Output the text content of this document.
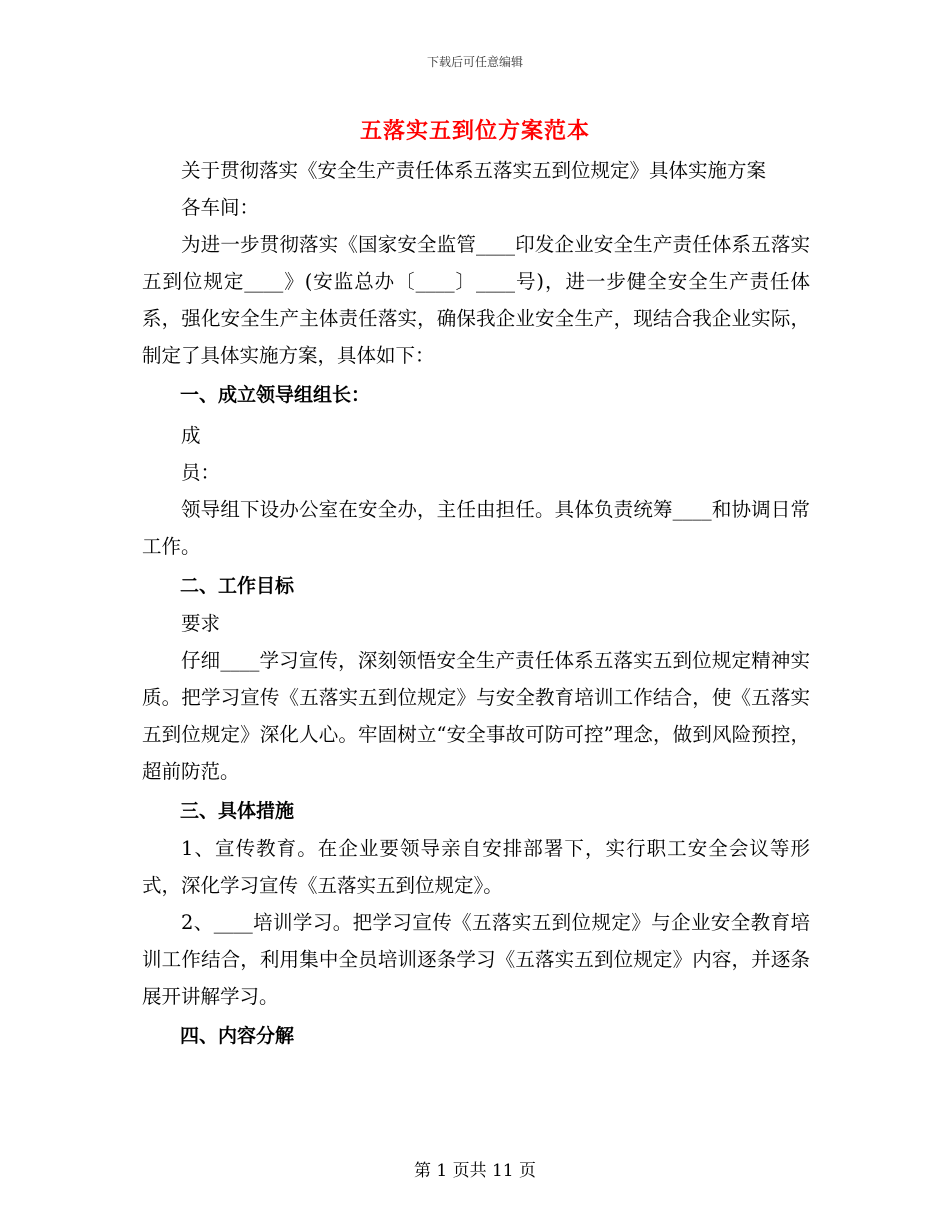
下载后可任意编辑
五落实五到位方案范本

关于贯彻落实《安全生产责任体系五落实五到位规定》具体实施方案

各车间：

为进一步贯彻落实《国家安全监管____印发企业安全生产责任体系五落实五到位规定____》(安监总办〔____〕____号)，进一步健全安全生产责任体系，强化安全生产主体责任落实，确保我企业安全生产，现结合我企业实际，制定了具体实施方案，具体如下：

一、成立领导组组长：

成

员：

领导组下设办公室在安全办，主任由担任。具体负责统筹____和协调日常工作。

二、工作目标

要求

仔细____学习宣传，深刻领悟安全生产责任体系五落实五到位规定精神实质。把学习宣传《五落实五到位规定》与安全教育培训工作结合，使《五落实五到位规定》深化人心。牢固树立“安全事故可防可控”理念，做到风险预控，超前防范。

三、具体措施

1、宣传教育。在企业要领导亲自安排部署下，实行职工安全会议等形式，深化学习宣传《五落实五到位规定》。

2、____培训学习。把学习宣传《五落实五到位规定》与企业安全教育培训工作结合，利用集中全员培训逐条学习《五落实五到位规定》内容，并逐条展开讲解学习。

四、内容分解

第 1 页共 11 页
